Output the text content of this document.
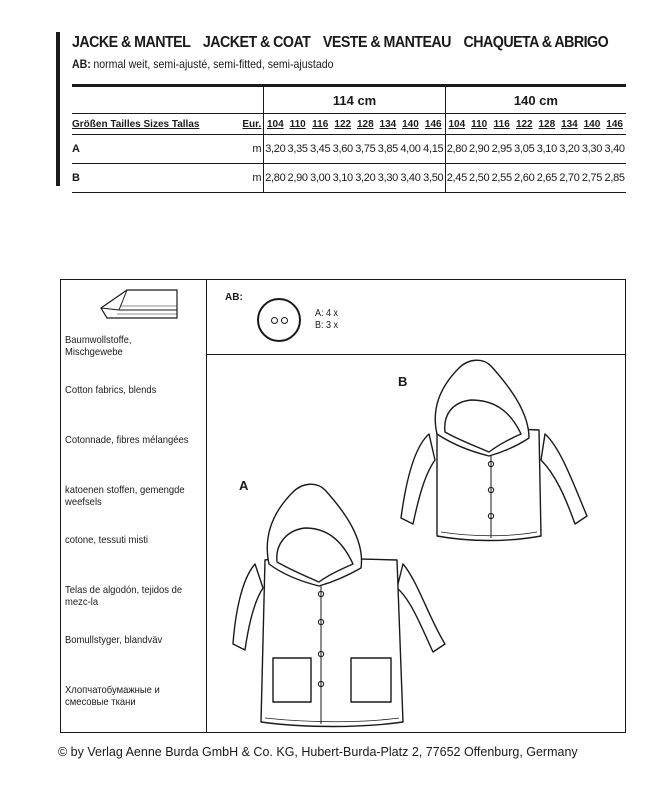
JACKE & MANTEL JACKET & COAT VESTE & MANTEAU CHAQUETA & ABRIGO
AB: normal weit, semi-ajusté, semi-fitted, semi-ajustado
		114 cm								140 cm							
Größen Tailles Sizes Tallas	Eur.	104	110	116	122	128	134	140	146	104	110	116	122	128	134	140	146
A	m	3,20	3,35	3,45	3,60	3,75	3,85	4,00	4,15	2,80	2,90	2,95	3,05	3,10	3,20	3,30	3,40
B	m	2,80	2,90	3,00	3,10	3,20	3,30	3,40	3,50	2,45	2,50	2,55	2,60	2,65	2,70	2,75	2,85
Baumwollstoffe, Mischgewebe
Cotton fabrics, blends
Cotonnade, fibres mélangées
katoenen stoffen, gemengde weefsels
cotone, tessuti misti
Telas de algodón, tejidos de mezc-la
Bomullstyger, blandväv
Хлопчатобумажные и смесовые ткани
AB:
A: 4 x
B: 3 x
B
A
© by Verlag Aenne Burda GmbH & Co. KG, Hubert-Burda-Platz 2, 77652 Offenburg, Germany
